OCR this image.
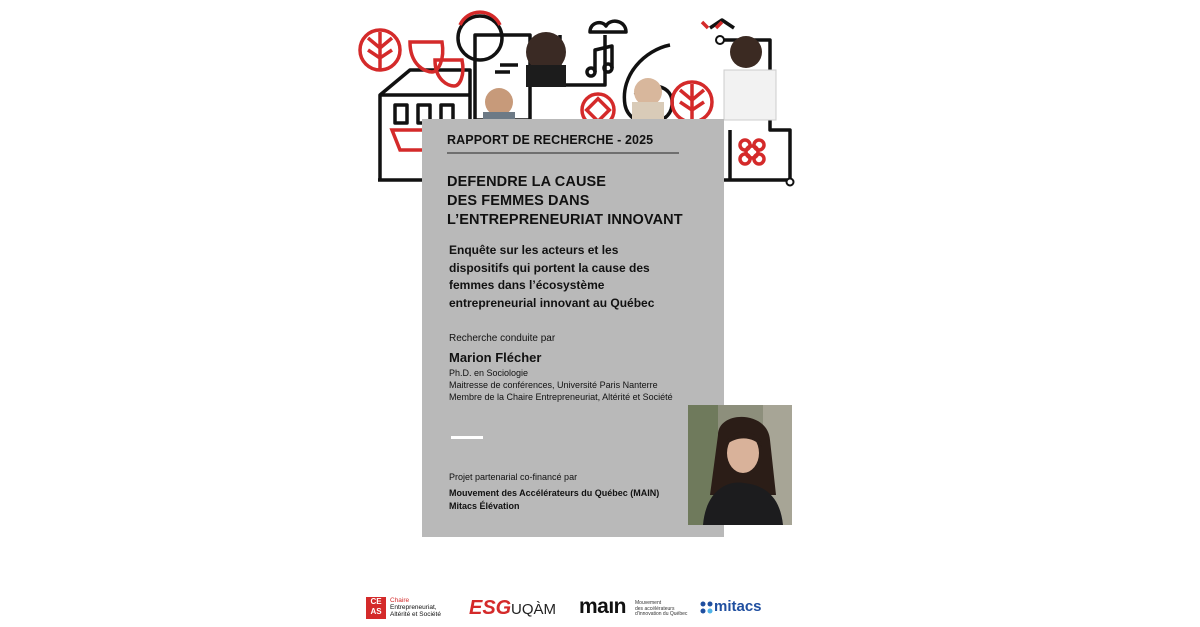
RAPPORT DE RECHERCHE - 2025
DEFENDRE LA CAUSE
DES FEMMES DANS
L’ENTREPRENEURIAT INNOVANT
Enquête sur les acteurs et les
dispositifs qui portent la cause des
femmes dans l’écosystème
entrepreneurial innovant au Québec
Recherche conduite par
Marion Flécher
Ph.D. en Sociologie
Maitresse de conférences, Université Paris Nanterre
Membre de la Chaire Entrepreneuriat, Altérité et Société
Projet partenarial co-financé par
Mouvement des Accélérateurs du Québec (MAIN)
Mitacs Élévation
CE AS
Chaire
Entrepreneuriat,
Altérité et Société ESG UQÀM maın Mouvement
des accélérateurs
d'innovation du Québec	mitacs
